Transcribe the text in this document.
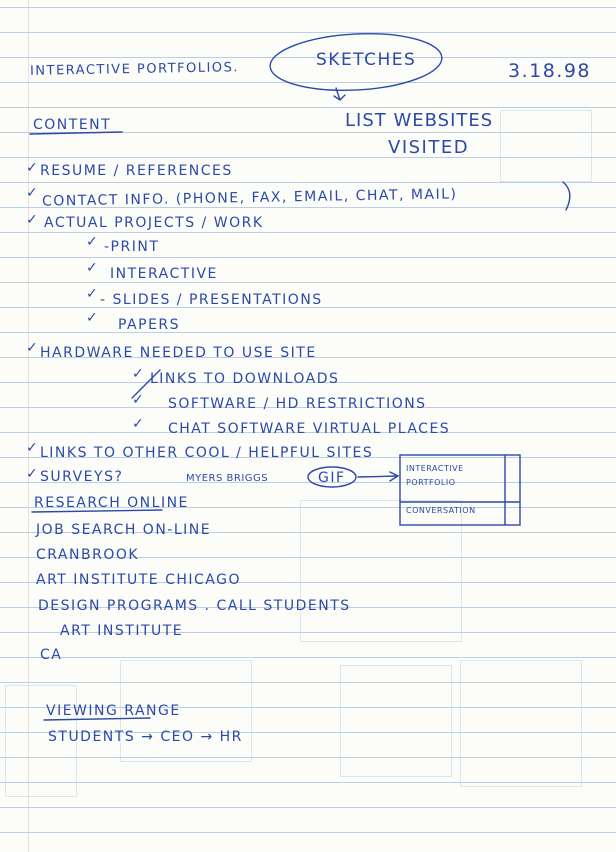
INTERACTIVE PORTFOLIOS.	SKETCHES	3.18.98
LIST WEBSITES
VISITED
CONTENT
✓ RESUME / REFERENCES
✓ CONTACT INFO. (PHONE, FAX, EMAIL, CHAT, MAIL)
✓ ACTUAL PROJECTS / WORK
✓ -PRINT
✓ INTERACTIVE
✓ - SLIDES / PRESENTATIONS
✓ PAPERS
✓ HARDWARE NEEDED TO USE SITE
✓ LINKS TO DOWNLOADS
✓ SOFTWARE / HD RESTRICTIONS
✓ CHAT SOFTWARE VIRTUAL PLACES
✓ LINKS TO OTHER COOL / HELPFUL SITES
✓ SURVEYS?	MYERS BRIGGS	GIF
INTERACTIVE PORTFOLIO
CONVERSATION
RESEARCH ONLINE
JOB SEARCH ON-LINE
CRANBROOK
ART INSTITUTE CHICAGO
DESIGN PROGRAMS . CALL STUDENTS
ART INSTITUTE
CA
VIEWING RANGE
STUDENTS → CEO → HR
